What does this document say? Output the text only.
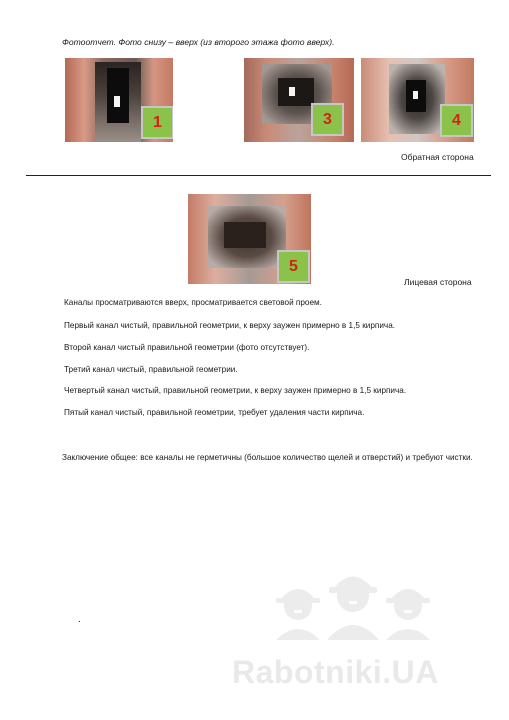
Фотоотчет. Фото снизу – вверх (из второго этажа фото вверх).
1	3	4
Обратная сторона
5
Лицевая сторона
Каналы просматриваются вверх, просматривается световой проем.
Первый канал чистый, правильной геометрии, к верху зау​жен примерно в 1,5 кирпича.
Второй канал чистый правильной геометрии (фото отсутствует).
Третий канал чистый, правильной геометрии.
Четвертый канал чистый, правильной геометрии, к верху заужен примерно в 1,5 кирпича.
Пятый канал чистый, правильной геометрии, требует удаления части кирпича.
Заключение общее: все каналы не герметичны (большое количество щелей и отверстий) и требуют чистки.
.
Rabotniki.UA
